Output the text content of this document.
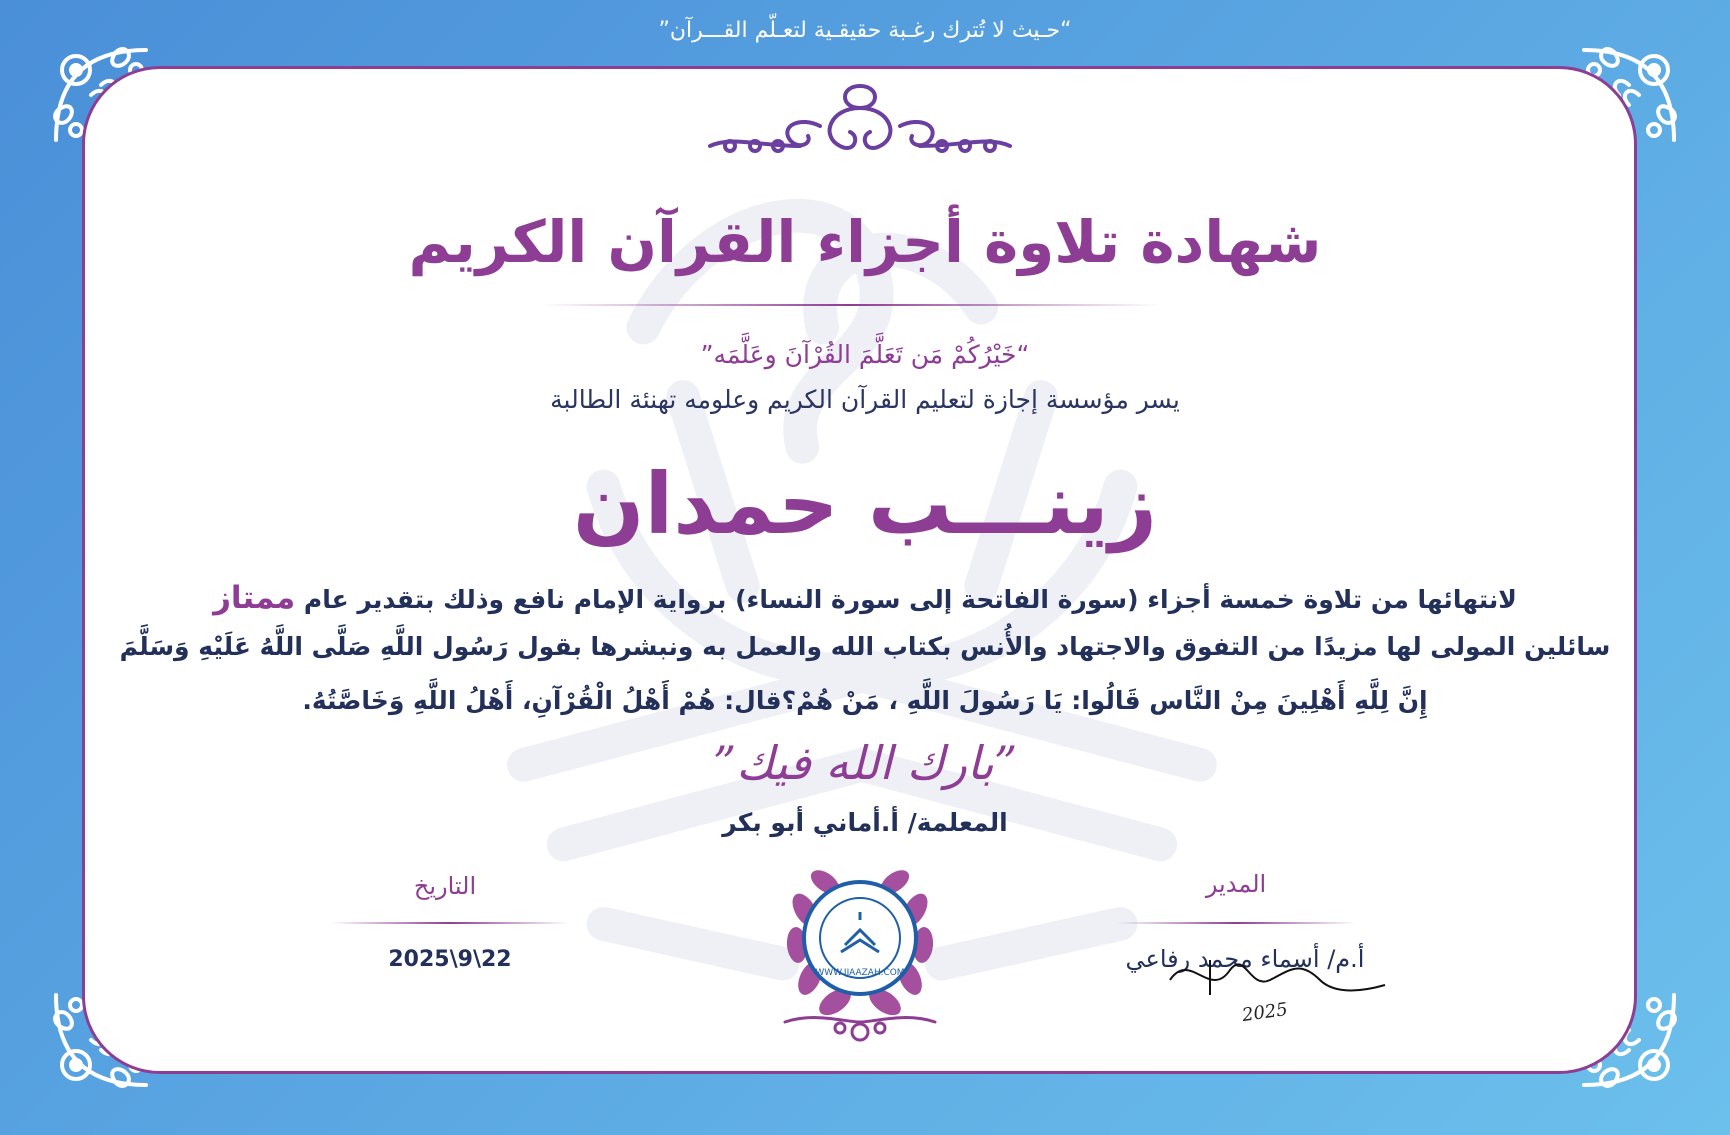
“حـيث لا تُترك رغـبة حقيقـية لتعـلّم القـــرآن”
شهادة تلاوة أجزاء القرآن الكريم
“خَيْرُكُمْ مَن تَعَلَّمَ القُرْآنَ وعَلَّمَه”
يسر مؤسسة إجازة لتعليم القرآن الكريم وعلومه تهنئة الطالبة
زينـــب حمدان
لانتهائها من تلاوة خمسة أجزاء (سورة الفاتحة إلى سورة النساء) برواية الإمام نافع وذلك بتقدير عام ممتاز
سائلين المولى لها مزيدًا من التفوق والاجتهاد والأُنس بكتاب الله والعمل به ونبشرها بقول رَسُول اللَّهِ صَلَّى اللَّهُ عَلَيْهِ وَسَلَّمَ
إِنَّ لِلَّهِ أَهْلِينَ مِنْ النَّاس قَالُوا: يَا رَسُولَ اللَّهِ ، مَنْ هُمْ؟قال: هُمْ أَهْلُ الْقُرْآنِ، أَهْلُ اللَّهِ وَخَاصَّتُهُ.
”بارك الله فيك”
المعلمة/ أ.أماني أبو بكر
التاريخ
2025\9\22
المدير
أ.م/ أسماء محمد رفاعي
2025
WWW.IJAAZAH.COM
